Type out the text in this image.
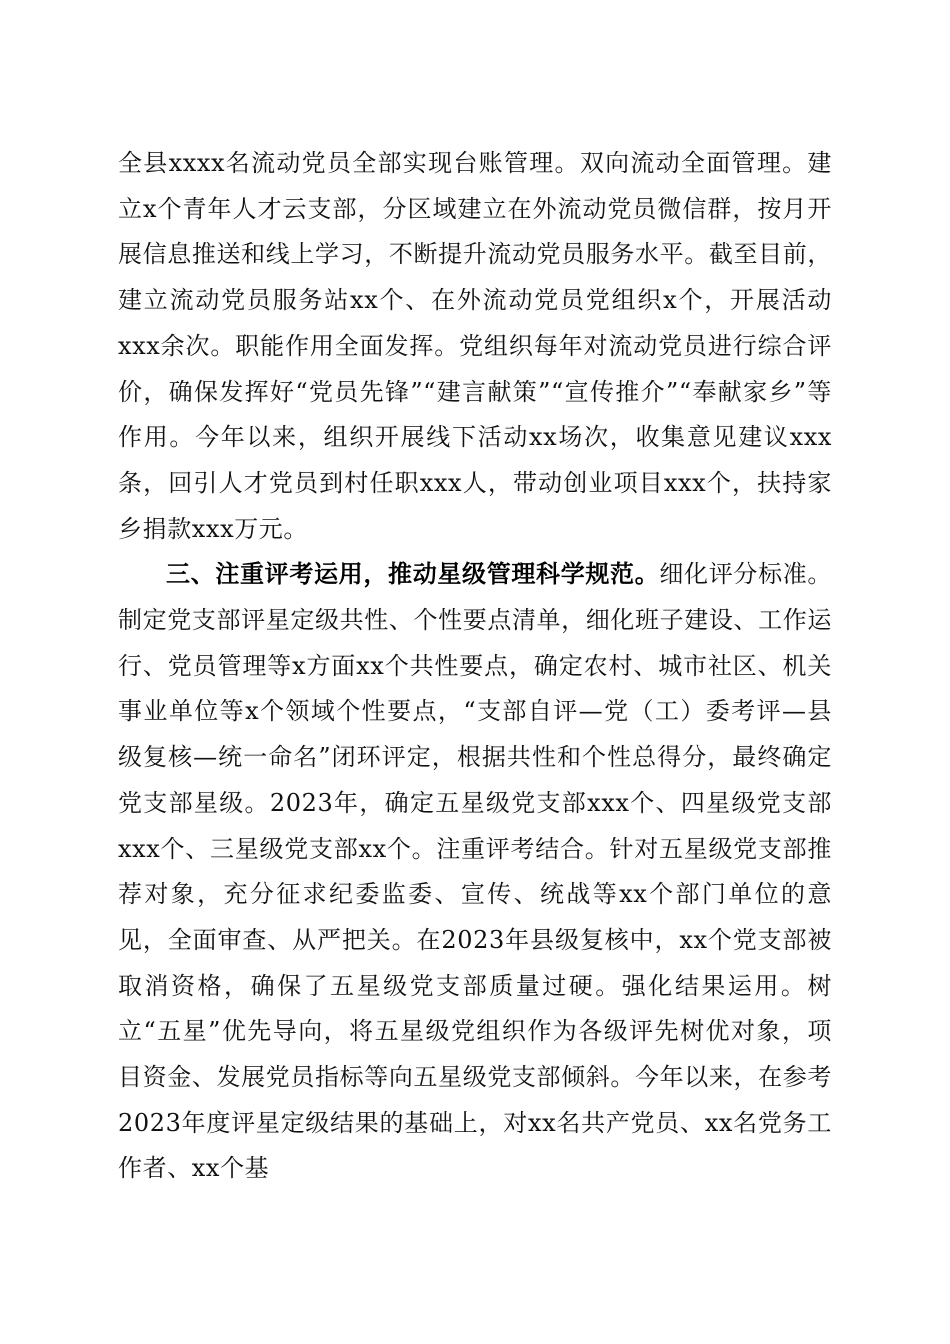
全县xxxx名流动党员全部实现台账管理。双向流动全面管理。建立x个青年人才云支部，分区域建立在外流动党员微信群，按月开展信息推送和线上学习，不断提升流动党员服务水平。截至目前，建立流动党员服务站xx个、在外流动党员党组织x个，开展活动xxx余次。职能作用全面发挥。党组织每年对流动党员进行综合评价，确保发挥好“党员先锋”“建言献策”“宣传推介”“奉献家乡”等作用。今年以来，组织开展线下活动xx场次，收集意见建议xxx条，回引人才党员到村任职xxx人，带动创业项目xxx个，扶持家乡捐款xxx万元。

三、注重评考运用，推动星级管理科学规范。细化评分标准。制定党支部评星定级共性、个性要点清单，细化班子建设、工作运行、党员管理等x方面xx个共性要点，确定农村、城市社区、机关事业单位等x个领域个性要点，“支部自评—党（工）委考评—县级复核—统一命名”闭环评定，根据共性和个性总得分，最终确定党支部星级。2023年，确定五星级党支部xxx个、四星级党支部xxx个、三星级党支部xx个。注重评考结合。针对五星级党支部推荐对象，充分征求纪委监委、宣传、统战等xx个部门单位的意见，全面审查、从严把关。在2023年县级复核中，xx个党支部被取消资格，确保了五星级党支部质量过硬。强化结果运用。树立“五星”优先导向，将五星级党组织作为各级评先树优对象，项目资金、发展党员指标等向五星级党支部倾斜。今年以来，在参考2023年度评星定级结果的基础上，对xx名共产党员、xx名党务工作者、xx个基
